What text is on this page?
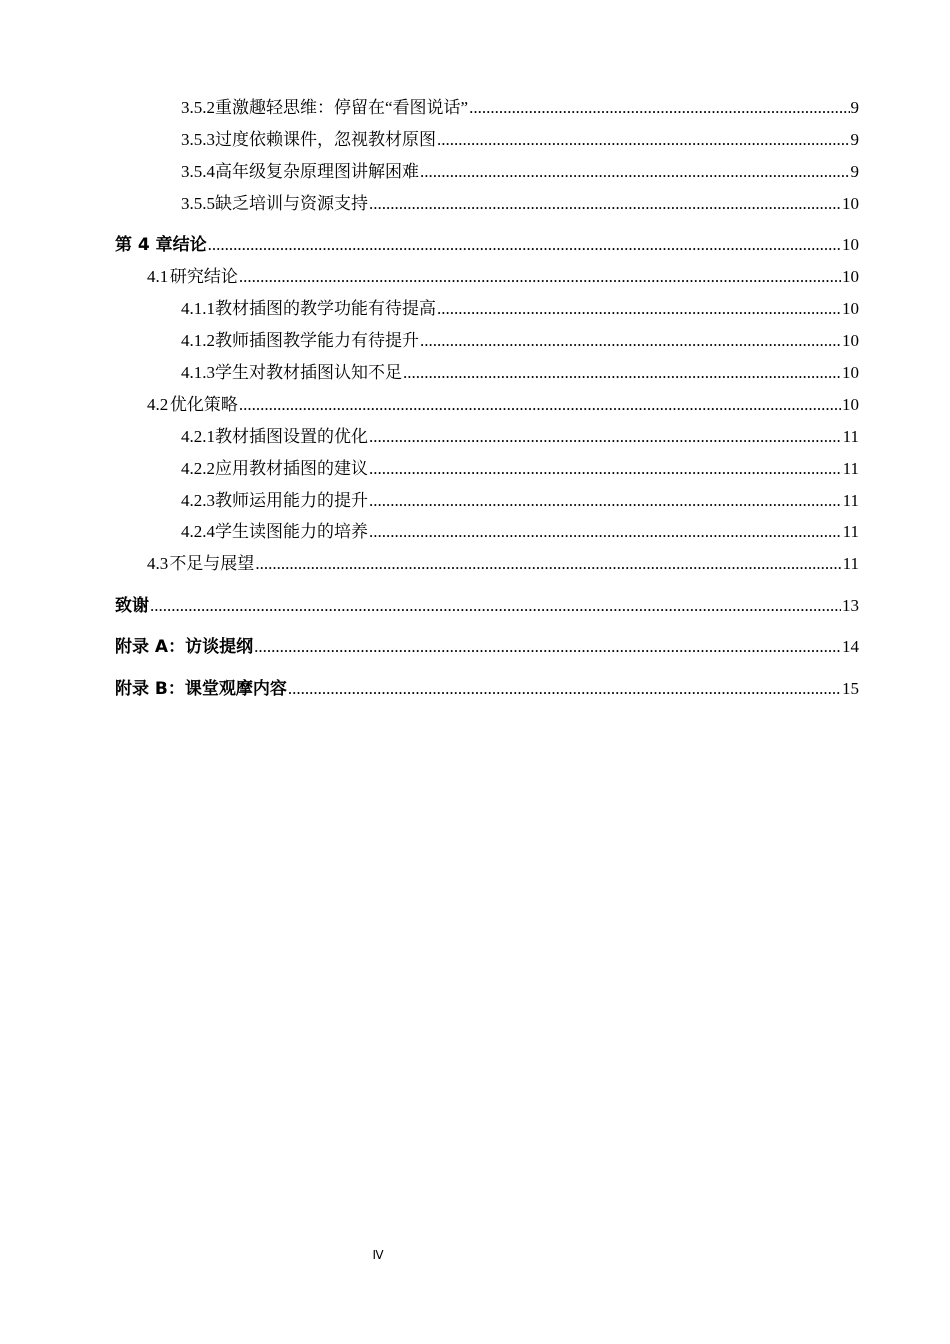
3.5.2 重激趣轻思维：停留在“看图说话” .....	9
3.5.3 过度依赖课件，忽视教材原图 .....	9
3.5.4 高年级复杂原理图讲解困难 .....	9
3.5.5 缺乏培训与资源支持 .....	10
第 4 章 结论 .....	10
4.1 研究结论 .....	10
4.1.1 教材插图的教学功能有待提高 .....	10
4.1.2 教师插图教学能力有待提升 .....	10
4.1.3 学生对教材插图认知不足 .....	10
4.2 优化策略 .....	10
4.2.1 教材插图设置的优化 .....	11
4.2.2 应用教材插图的建议 .....	11
4.2.3 教师运用能力的提升 .....	11
4.2.4 学生读图能力的培养 .....	11
4.3 不足与展望 .....	11
致谢 .....	13
附录 A：访谈提纲 .....	14
附录 B：课堂观摩内容 .....	15
Ⅳ
